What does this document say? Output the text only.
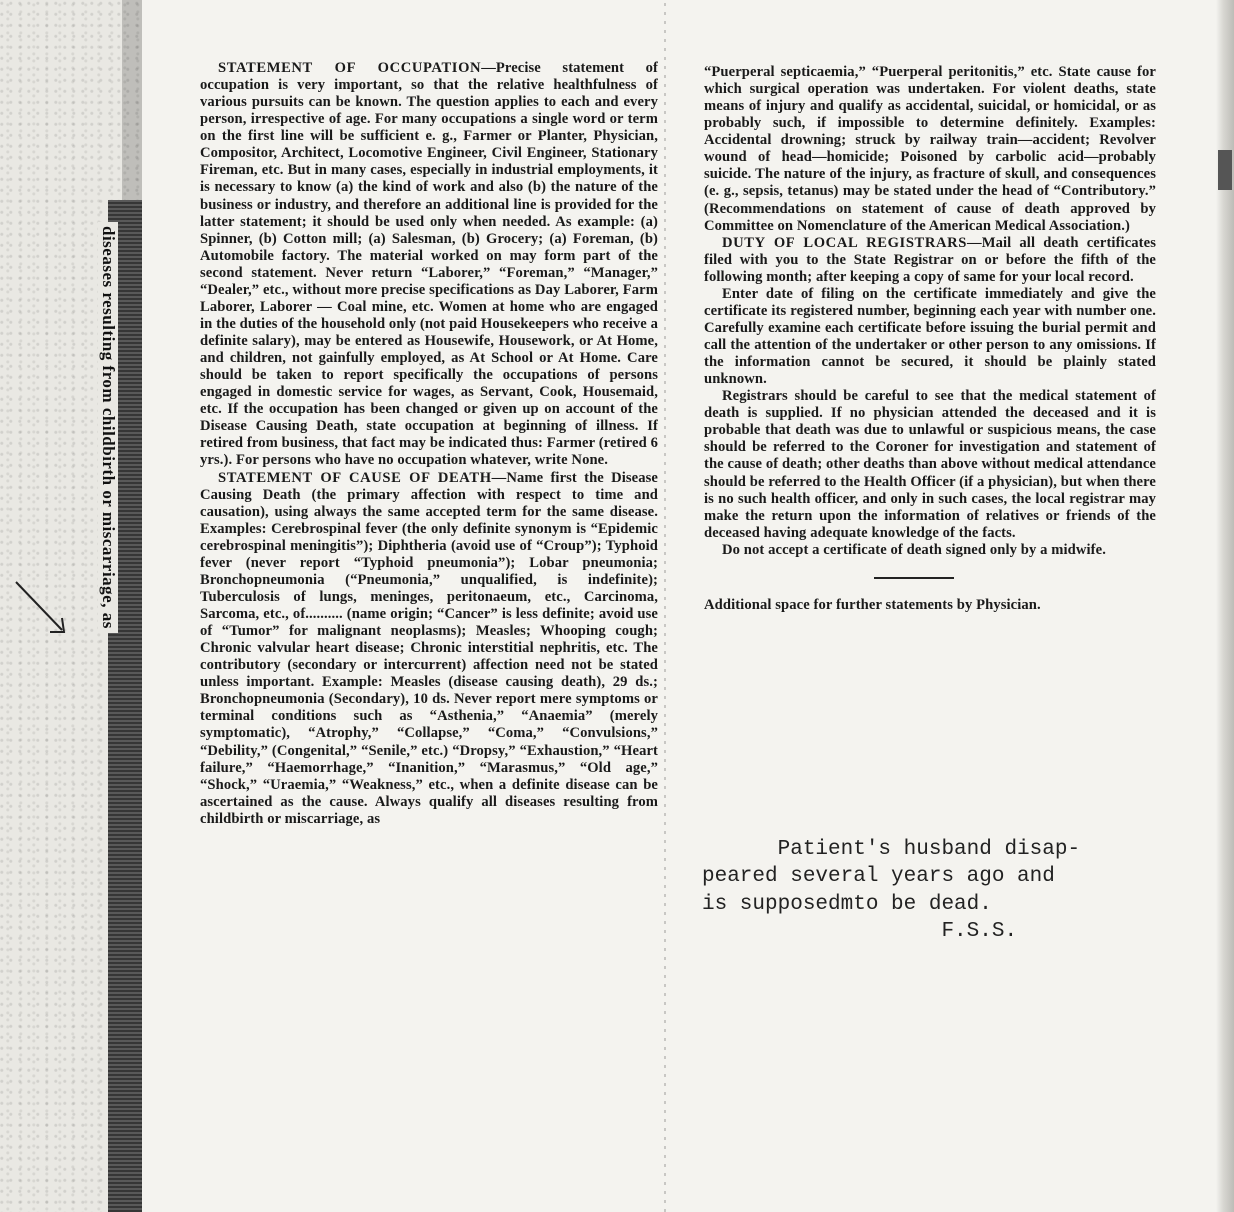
diseases resulting from childbirth or miscarriage, as

STATEMENT OF OCCUPATION—Precise statement of occupation is very important, so that the relative healthfulness of various pursuits can be known. The question applies to each and every person, irrespective of age. For many occupations a single word or term on the first line will be sufficient e. g., Farmer or Planter, Physician, Compositor, Architect, Locomotive Engineer, Civil Engineer, Stationary Fireman, etc. But in many cases, especially in industrial employments, it is necessary to know (a) the kind of work and also (b) the nature of the business or industry, and therefore an additional line is provided for the latter statement; it should be used only when needed. As example: (a) Spinner, (b) Cotton mill; (a) Salesman, (b) Grocery; (a) Foreman, (b) Automobile factory. The material worked on may form part of the second statement. Never return “Laborer,” “Foreman,” “Manager,” “Dealer,” etc., without more precise specifications as Day Laborer, Farm Laborer, Laborer — Coal mine, etc. Women at home who are engaged in the duties of the household only (not paid Housekeepers who receive a definite salary), may be entered as Housewife, Housework, or At Home, and children, not gainfully employed, as At School or At Home. Care should be taken to report specifically the occupations of persons engaged in domestic service for wages, as Servant, Cook, Housemaid, etc. If the occupation has been changed or given up on account of the Disease Causing Death, state occupation at beginning of illness. If retired from business, that fact may be indicated thus: Farmer (retired 6 yrs.). For persons who have no occupation whatever, write None.

STATEMENT OF CAUSE OF DEATH—Name first the Disease Causing Death (the primary affection with respect to time and causation), using always the same accepted term for the same disease. Examples: Cerebrospinal fever (the only definite synonym is “Epidemic cerebrospinal meningitis”); Diphtheria (avoid use of “Croup”); Typhoid fever (never report “Typhoid pneumonia”); Lobar pneumonia; Bronchopneumonia (“Pneumonia,” unqualified, is indefinite); Tuberculosis of lungs, meninges, peritonaeum, etc., Carcinoma, Sarcoma, etc., of.......... (name origin; “Cancer” is less definite; avoid use of “Tumor” for malignant neoplasms); Measles; Whooping cough; Chronic valvular heart disease; Chronic interstitial nephritis, etc. The contributory (secondary or intercurrent) affection need not be stated unless important. Example: Measles (disease causing death), 29 ds.; Bronchopneumonia (Secondary), 10 ds. Never report mere symptoms or terminal conditions such as “Asthenia,” “Anaemia” (merely symptomatic), “Atrophy,” “Collapse,” “Coma,” “Convulsions,” “Debility,” (Congenital,” “Senile,” etc.) “Dropsy,” “Exhaustion,” “Heart failure,” “Haemorrhage,” “Inanition,” “Marasmus,” “Old age,” “Shock,” “Uraemia,” “Weakness,” etc., when a definite disease can be ascertained as the cause. Always qualify all diseases resulting from childbirth or miscarriage, as

“Puerperal septicaemia,” “Puerperal peritonitis,” etc. State cause for which surgical operation was undertaken. For violent deaths, state means of injury and qualify as accidental, suicidal, or homicidal, or as probably such, if impossible to determine definitely. Examples: Accidental drowning; struck by railway train—accident; Revolver wound of head—homicide; Poisoned by carbolic acid—probably suicide. The nature of the injury, as fracture of skull, and consequences (e. g., sepsis, tetanus) may be stated under the head of “Contributory.” (Recommendations on statement of cause of death approved by Committee on Nomenclature of the American Medical Association.)

DUTY OF LOCAL REGISTRARS—Mail all death certificates filed with you to the State Registrar on or before the fifth of the following month; after keeping a copy of same for your local record.

Enter date of filing on the certificate immediately and give the certificate its registered number, beginning each year with number one. Carefully examine each certificate before issuing the burial permit and call the attention of the undertaker or other person to any omissions. If the information cannot be secured, it should be plainly stated unknown.

Registrars should be careful to see that the medical statement of death is supplied. If no physician attended the deceased and it is probable that death was due to unlawful or suspicious means, the case should be referred to the Coroner for investigation and statement of the cause of death; other deaths than above without medical attendance should be referred to the Health Officer (if a physician), but when there is no such health officer, and only in such cases, the local registrar may make the return upon the information of relatives or friends of the deceased having adequate knowledge of the facts.

Do not accept a certificate of death signed only by a midwife.

Additional space for further statements by Physician.

Patient's husband disap-
peared several years ago and
is supposedmto be dead.
F.S.S.
